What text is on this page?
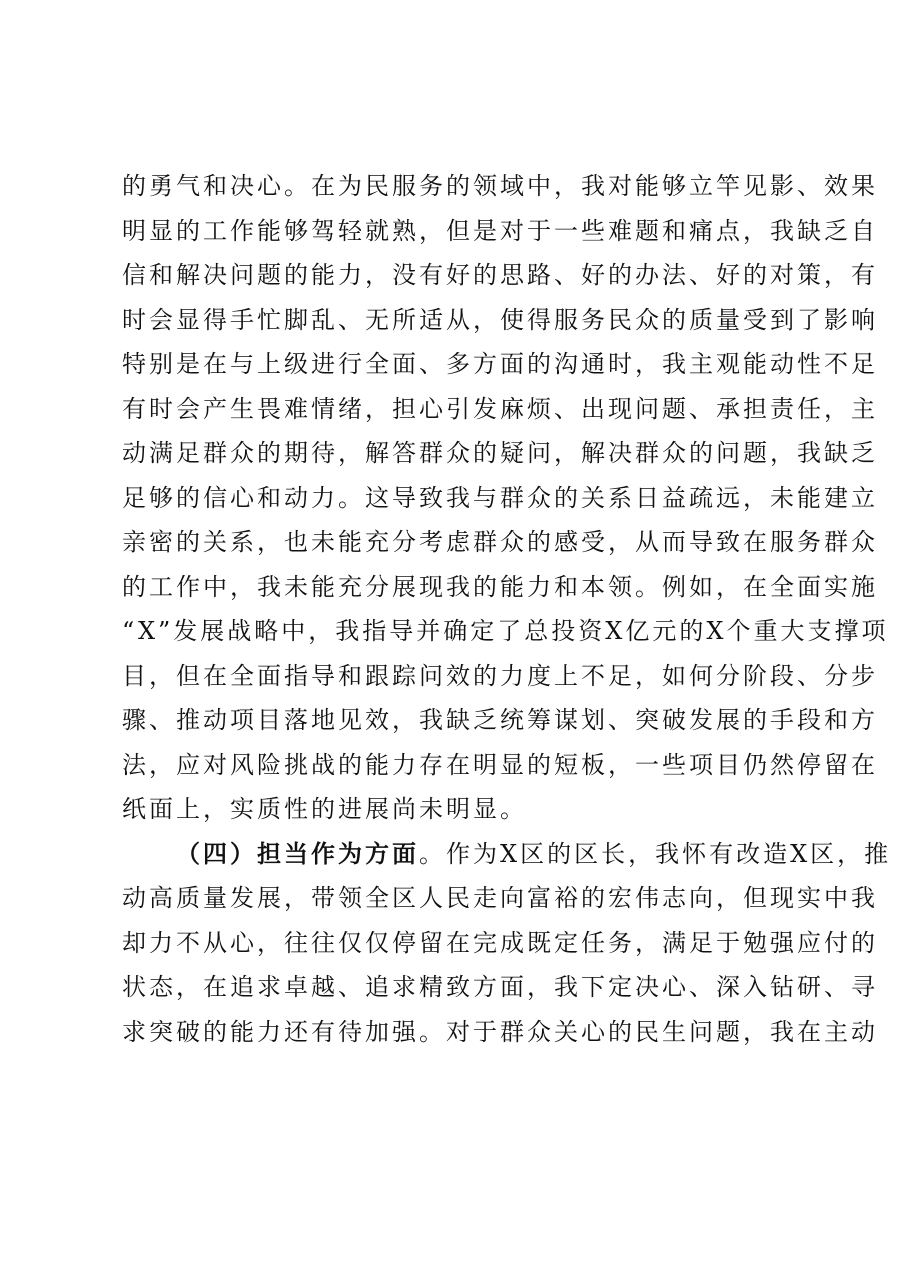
的勇气和决心。在为民服务的领域中，我对能够立竿见影、效果
明显的工作能够驾轻就熟，但是对于一些难题和痛点，我缺乏自
信和解决问题的能力，没有好的思路、好的办法、好的对策，有
时会显得手忙脚乱、无所适从，使得服务民众的质量受到了影响
特别是在与上级进行全面、多方面的沟通时，我主观能动性不足
有时会产生畏难情绪，担心引发麻烦、出现问题、承担责任，主
动满足群众的期待，解答群众的疑问，解决群众的问题，我缺乏
足够的信心和动力。这导致我与群众的关系日益疏远，未能建立
亲密的关系，也未能充分考虑群众的感受，从而导致在服务群众
的工作中，我未能充分展现我的能力和本领。例如，在全面实施
“X”发展战略中，我指导并确定了总投资X亿元的X个重大支撑项
目，但在全面指导和跟踪问效的力度上不足，如何分阶段、分步
骤、推动项目落地见效，我缺乏统筹谋划、突破发展的手段和方
法，应对风险挑战的能力存在明显的短板，一些项目仍然停留在
纸面上，实质性的进展尚未明显。
（四）担当作为方面。作为X区的区长，我怀有改造X区，推
动高质量发展，带领全区人民走向富裕的宏伟志向，但现实中我
却力不从心，往往仅仅停留在完成既定任务，满足于勉强应付的
状态，在追求卓越、追求精致方面，我下定决心、深入钻研、寻
求突破的能力还有待加强。对于群众关心的民生问题，我在主动
